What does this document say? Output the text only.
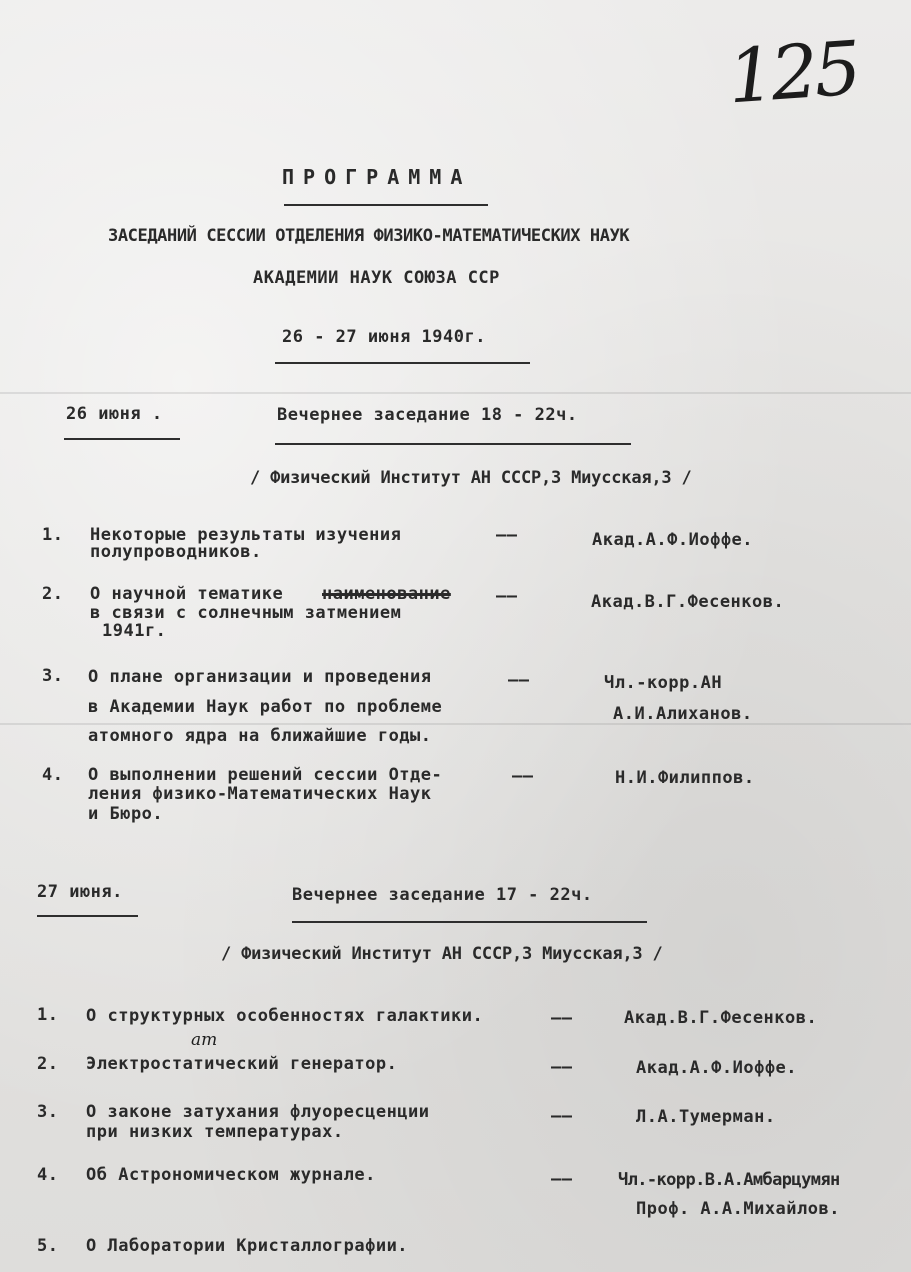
125
ПРОГРАММА
ЗАСЕДАНИЙ СЕССИИ ОТДЕЛЕНИЯ ФИЗИКО-МАТЕМАТИЧЕСКИХ НАУК
АКАДЕМИИ НАУК СОЮЗА ССР
26 - 27 июня 1940г.
26 июня .	Вечернее заседание 18 - 22ч.
/ Физический Институт АН СССР,3 Миусская,3 /
1. Некоторые результаты изучения
полупроводников.
——	Акад.А.Ф.Иоффе.
2. О научной тематике наименование
в связи с солнечным затмением
1941г.
——	Акад.В.Г.Фесенков.
3. О плане организации и проведения
в Академии Наук работ по проблеме
атомного ядра на ближайшие годы.
——	Чл.-корр.АН
А.И.Алиханов.
4. О выполнении решений сессии Отде-
ления физико-Математических Наук
и Бюро.
——	Н.И.Филиппов.
27 июня.	Вечернее заседание 17 - 22ч.
/ Физический Институт АН СССР,3 Миусская,3 /
1. О структурных особенностях галактики.	——	Акад.В.Г.Фесенков.
2. Электростатический генератор.
ат
——	Акад.А.Ф.Иоффе.
3. О законе затухания флуоресценции
при низких температурах.
——	Л.А.Тумерман.
4. Об Астрономическом журнале.	——	Чл.-корр.В.А.Амбарцумян
Проф. А.А.Михайлов.
5. О Лаборатории Кристаллографии.
